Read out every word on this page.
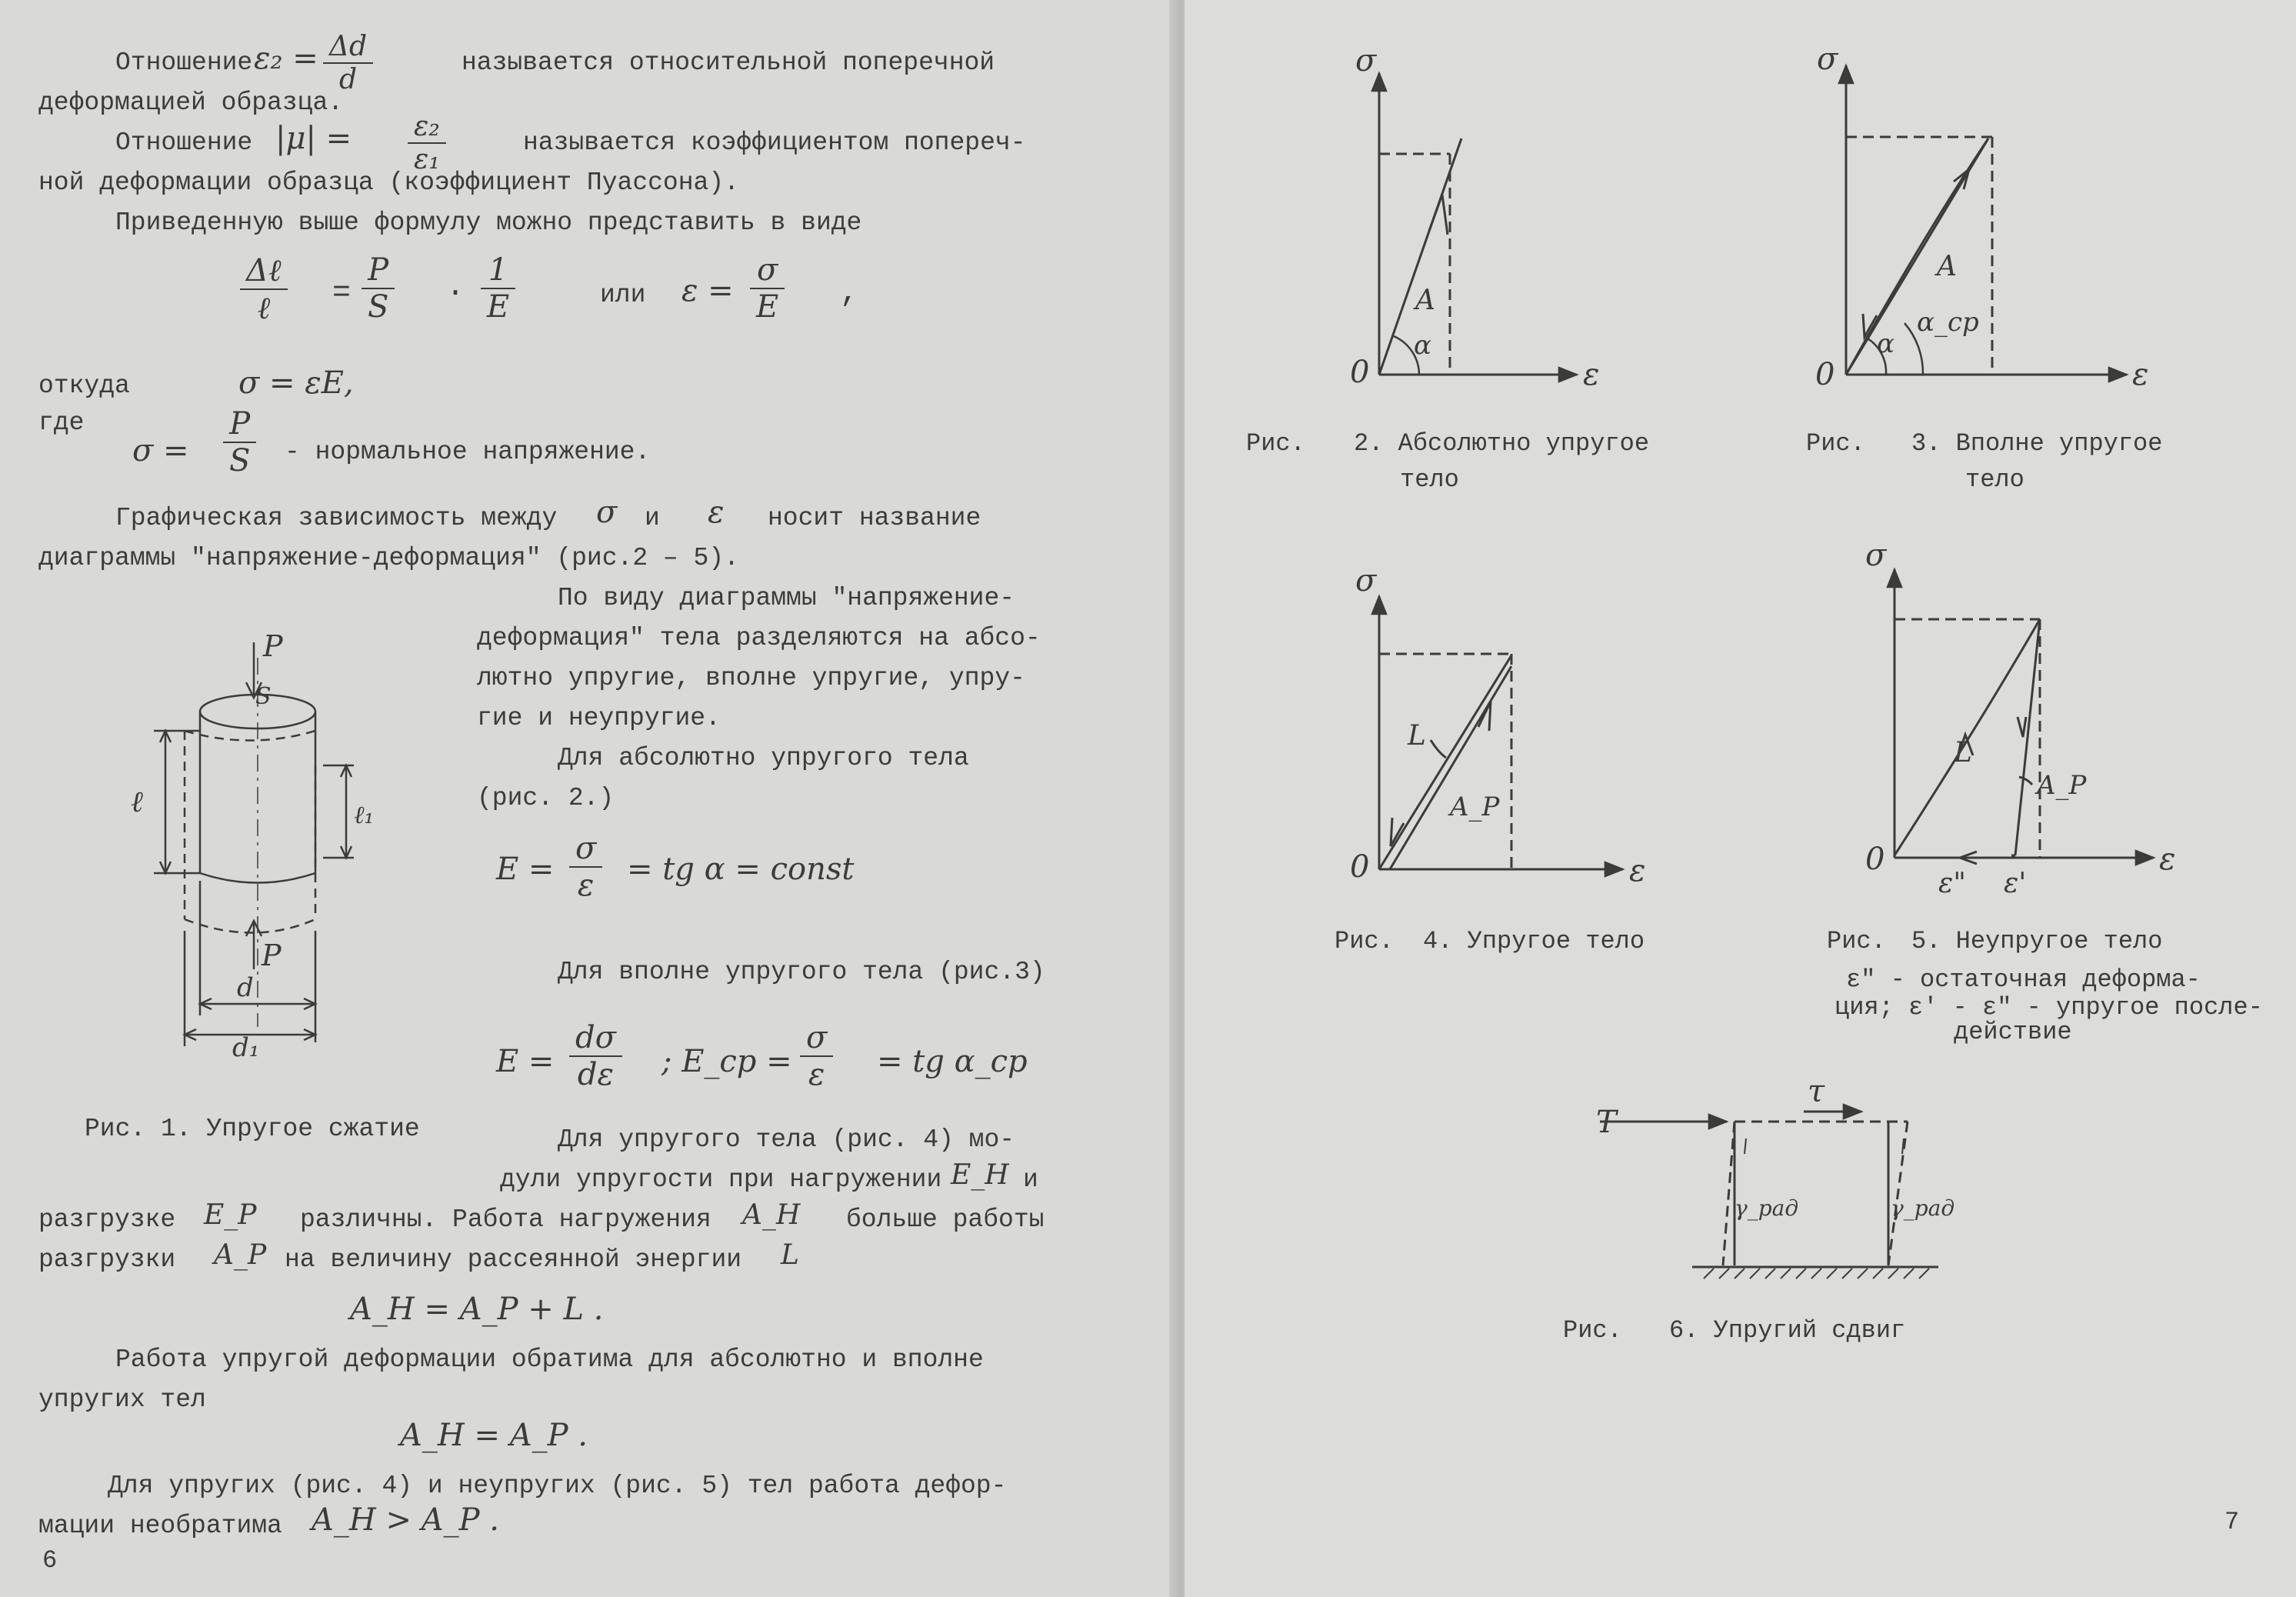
Отношение $\varepsilon_2 = \frac{\Delta d}{d}$	называется относительной поперечной
деформацией образца.
Отношение $|\mu| = \frac{\text{ε₂}}{\text{ε₁}}$	называется коэффициентом попереч-
ной деформации образца (коэффициент Пуассона).
Приведенную выше формулу можно представить в виде
Δℓ
ℓ	= $\frac{P}{S} \cdot \frac{1}{E}$	или $\varepsilon = \frac{\sigma}{E}$ ,
откуда	σ = εE,
где
$\sigma = \frac{P}{S}$ - нормальное напряжение.
Графическая зависимость между σ и ε носит название
диаграммы "напряжение-деформация" (рис.2 – 5).
По виду диаграммы "напряжение-
деформация" тела разделяются на абсо-
лютно упругие, вполне упругие, упру-
гие и неупругие.
Для абсолютно упругого тела
(рис. 2.)
$E = \frac{\sigma}{\varepsilon}$ = tg α = const
Для вполне упругого тела (рис.3)
$E = \frac{d\sigma}{d\varepsilon}$ ; E_cp = $\frac{\sigma}{\varepsilon}$ = tg α_cp
Рис. 1. Упругое сжатие	Для упругого тела (рис. 4) мо-
дули упругости при нагружении E_H и
разгрузке E_P различны. Работа нагружения A_H больше работы
разгрузки A_P на величину рассеянной энергии L
A_H = A_P + L .
Работа упругой деформации обратима для абсолютно и вполне
упругих тел
A_H = A_P .
Для упругих (рис. 4) и неупругих (рис. 5) тел работа дефор-
мации необратима A_H > A_P .
6
P
S
ℓ	ℓ₁
P
d
d₁
σ
ε
0
A
α
σ
ε
0
A
α
α_cp
σ
ε
0
L
A_P
σ
ε
0
L
A_P
ε" ε'
T
τ
γ_рад	γ_рад
Рис. 2. Абсолютно упругое
тело
Рис. 3. Вполне упругое
тело
Рис. 4. Упругое тело	Рис. 5. Неупругое тело
ε" - остаточная деформа-
ция; ε' - ε" - упругое после-
действие
Рис. 6. Упругий сдвиг
7
